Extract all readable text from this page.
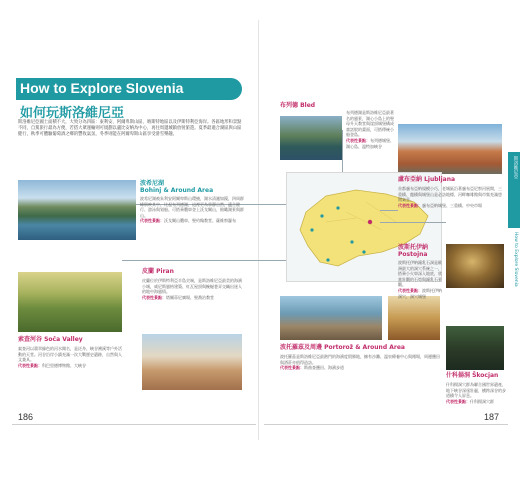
How to Explore Slovenia
如何玩斯洛維尼亞
斯洛維尼亞國土面積不大，大致分為四區：東利安、阿爾卑斯山區、喀斯特地區以及伊斯特利亞海岸。各區地形和景點不同，自駕旅行最為方便，若搭大眾運輸則可規劃以盧比安納為中心，再往周邊城鎮放射旅遊。夏季最適合湖區與山區健行，秋季可體驗葡萄酒之鄉的豐收氣氛，冬季則能在阿爾卑斯山區享受滑雪樂趣。
波希尼湖
Bohinj & Around Area
波希尼湖被朱利安阿爾卑斯山環繞，湖水清澈如鏡，四周群峰倒映其中。比起布列德湖，這裡更為寧靜自然，適合健行、游泳與划船。可搭乘纜車登上沃戈爾山，俯瞰湖景與群山。
代表性景點：沃戈爾山纜車、聖約翰教堂、薩維察瀑布
索查河谷 Soča Valley
索查河以翡翠綠色的河水聞名，是泛舟、峽谷溯溪等戶外活動的天堂。河谷沿岸小鎮充滿一次大戰歷史遺跡，自然與人文兼具。
代表性景點：科巴里德博物館、大峽谷
皮蘭 Piran
皮蘭位於伊斯特利亞半島尖端，是斯洛維尼亞最美的海濱小城，威尼斯風格建築、紅瓦屋頂與蜿蜒巷弄交織出迷人的地中海風情。
代表性景點：塔爾蒂尼廣場、聖喬治教堂
布列德 Bled
布列德湖是斯洛維尼亞最著名的風景，湖心小島上的聖母升天教堂與崖頂城堡構成童話般的畫面，可搭傳統小船登島。
代表性景點：布列德城堡、湖心島、溫特加峽谷
盧布亞納 Ljubljana
首都盧布亞納規模小巧，老城區沿著盧布亞尼察河展開，三重橋、龍橋與城堡山是必訪地標，河畔咖啡館與市集充滿悠閒氣息。
代表性景點：盧布亞納城堡、三重橋、中央市場
波斯托伊納
Postojna
波斯托伊納鐘乳石洞是歐洲最大的洞穴系統之一，搭乘小火車深入地底，欣賞壯觀的石筍與鐘乳石景觀。
代表性景點：波斯托伊納洞穴、洞穴城堡
波托羅茲及周邊 Portorož & Around Area
波托羅茲是斯洛維尼亞最熱門的海濱度假勝地，擁有沙灘、溫泉療養中心與賭場，周邊鹽田與酒莊亦值得造訪。
代表性景點：斯曲查鹽田、海濱步道
什科揚洞 Škocjan
什科揚洞穴群為聯合國世界遺產，地下峽谷深邃壯麗，橫跨深谷的步道橋令人屏息。
代表性景點：什科揚洞穴群
斯洛維尼亞
How to Explore Slovenia
186	187
